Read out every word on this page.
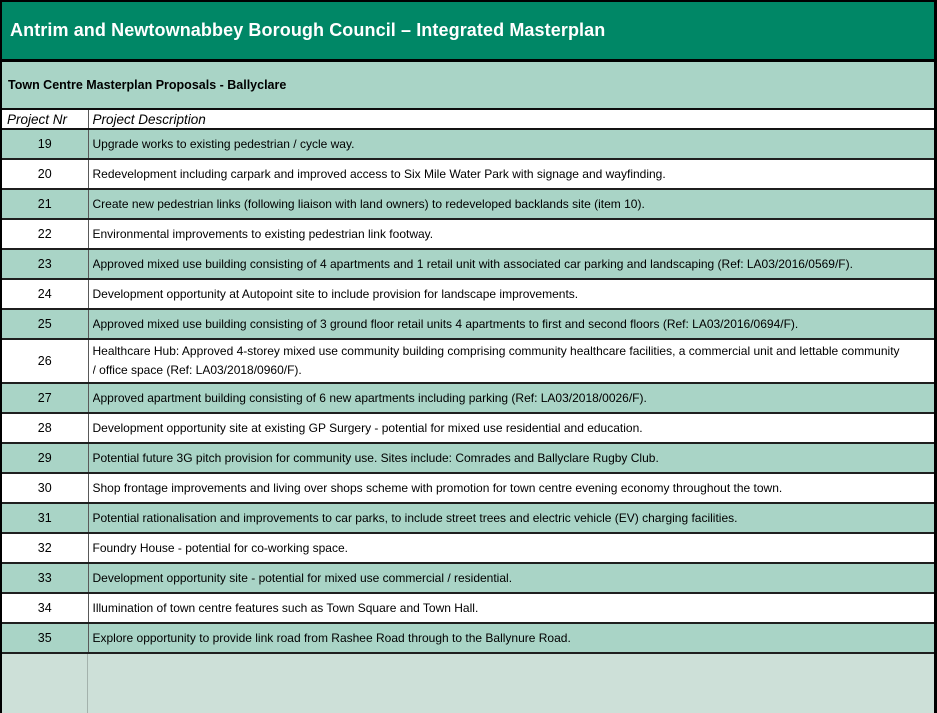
Antrim and Newtownabbey Borough Council – Integrated Masterplan
Town Centre Masterplan Proposals - Ballyclare
Project Nr	Project Description
19	Upgrade works to existing pedestrian / cycle way.

20	Redevelopment including carpark and improved access to Six Mile Water Park with signage and wayfinding.

21	Create new pedestrian links (following liaison with land owners) to redeveloped backlands site (item 10).

22	Environmental improvements to existing pedestrian link footway.

23	Approved mixed use building consisting of 4 apartments and 1 retail unit with associated car parking and landscaping (Ref: LA03/2016/0569/F).

24	Development opportunity at Autopoint site to include provision for landscape improvements.

25	Approved mixed use building consisting of 3 ground floor retail units 4 apartments to first and second floors (Ref: LA03/2016/0694/F).

26	Healthcare Hub: Approved 4-storey mixed use community building comprising community healthcare facilities, a commercial unit and lettable community / office space (Ref: LA03/2018/0960/F).

27	Approved apartment building consisting of 6 new apartments including parking (Ref: LA03/2018/0026/F).

28	Development opportunity site at existing GP Surgery - potential for mixed use residential and education.

29	Potential future 3G pitch provision for community use. Sites include: Comrades and Ballyclare Rugby Club.

30	Shop frontage improvements and living over shops scheme with promotion for town centre evening economy throughout the town.

31	Potential rationalisation and improvements to car parks, to include street trees and electric vehicle (EV) charging facilities.

32	Foundry House - potential for co-working space.

33	Development opportunity site - potential for mixed use commercial / residential.

34	Illumination of town centre features such as Town Square and Town Hall.

35	Explore opportunity to provide link road from Rashee Road through to the Ballynure Road.
